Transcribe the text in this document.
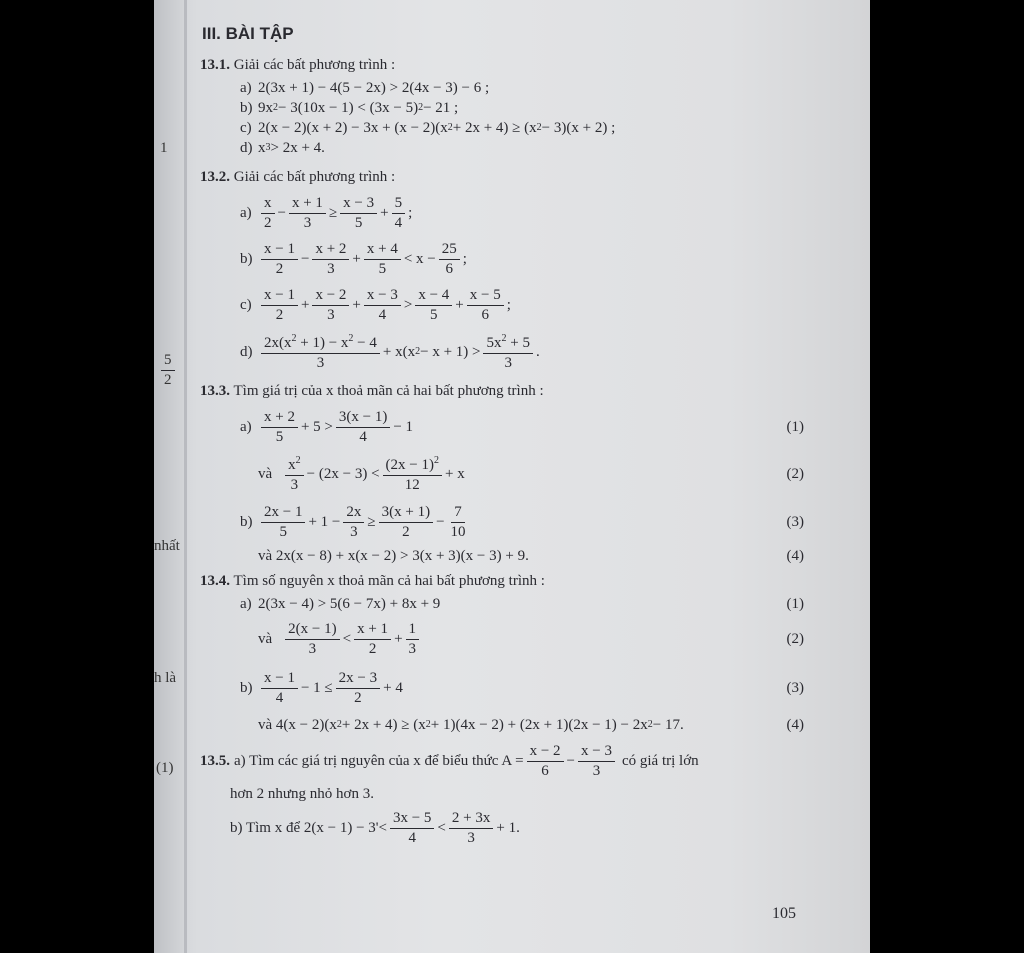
1
$\frac{5}{2}$
nhất
h là
(1)
III. BÀI TẬP
13.1. Giải các bất phương trình :
a) 2(3x + 1) − 4(5 − 2x) > 2(4x − 3) − 6 ;
b) 9x 2 − 3(10x − 1) < (3x − 5) 2 − 21 ;
c) 2(x − 2)(x + 2) − 3x + (x − 2)(x 2 + 2x + 4) ≥ (x 2 − 3)(x + 2) ;
d) x 3 > 2x + 4.
13.2. Giải các bất phương trình :
$a) \frac{x}{2} - \frac{x + 1}{3} \ge \frac{x - 3}{5} + \frac{5}{4}$ ;
$b) \frac{x - 1}{2} - \frac{x + 2}{3} + \frac{x + 4}{5} < x - \frac{25}{6}$ ;
$c) \frac{x - 1}{2} + \frac{x - 2}{3} + \frac{x - 3}{4} > \frac{x - 4}{5} + \frac{x - 5}{6}$ ;
$d) \frac{2x(x^2 + 1) - x^2 - 4}{3} + x(x$ $2 - x + 1) > \frac{5x^2 + 5}{3}$ .
13.3. Tìm giá trị của x thoả mãn cả hai bất phương trình :
$a) \frac{x + 2}{5} + 5 > \frac{3(x - 1)}{4} - 1$	(1)
và $\frac{x^2}{3} - (2x - 3) < \frac{(2x - 1)^2}{12} + x$	(2)
$b) \frac{2x - 1}{5} + 1 - \frac{2x}{3} \ge \frac{3(x + 1)}{2} - \frac{7}{10}$	(3)
và 2x(x − 8) + x(x − 2) > 3(x + 3)(x − 3) + 9.	(4)
13.4. Tìm số nguyên x thoả mãn cả hai bất phương trình :
a) 2(3x − 4) > 5(6 − 7x) + 8x + 9	(1)
và $\frac{2(x - 1)}{3} < \frac{x + 1}{2} + \frac{1}{3}$	(2)
$b) \frac{x - 1}{4} - 1 \le \frac{2x - 3}{2} + 4$	(3)
và 4(x − 2)(x 2 + 2x + 4) ≥ (x 2 + 1)(4x − 2) + (2x + 1)(2x − 1) − 2x 2 − 17.	(4)
13.5. a) Tìm các giá trị nguyên của x để biểu thức $A = \frac{x - 2}{6} - \frac{x - 3}{3}$ có giá trị lớn
hơn 2 nhưng nhỏ hơn 3.
b) Tìm x để $2(x - 1) - 3'< \frac{3x - 5}{4} < \frac{2 + 3x}{3} + 1$.
105
